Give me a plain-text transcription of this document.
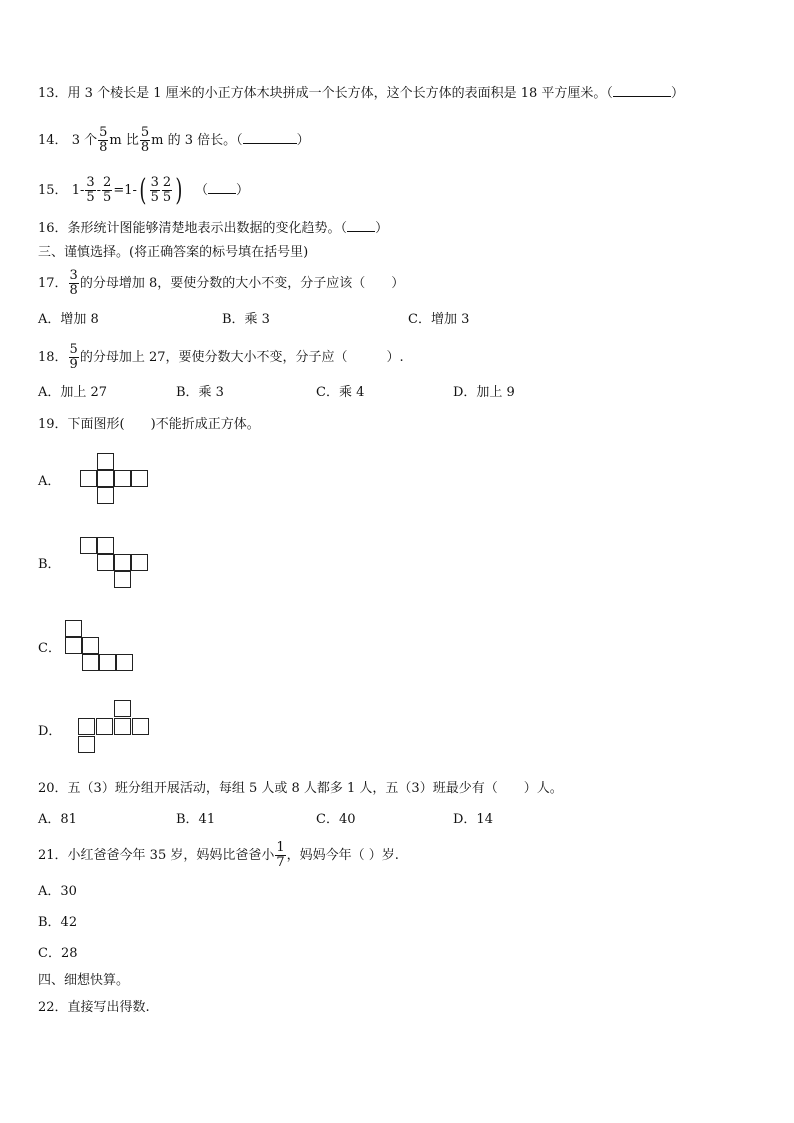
13．用 3 个棱长是 1 厘米的小正方体木块拼成一个长方体，这个长方体的表面积是 18 平方厘米。（	）
14． 3 个 $\frac{5}{8}$ m 比 $\frac{5}{8}$ m 的 3 倍长。（	）
15． $1- \frac{3}{5} - \frac{2}{5} =1-( \frac{3}{5} \frac{2}{5}$ ) （ ）
16．条形统计图能够清楚地表示出数据的变化趋势。（ ）
三、谨慎选择。(将正确答案的标号填在括号里)
17． $\frac{3}{8}$ 的分母增加 8，要使分数的大小不变，分子应该（　　）
A．增加 8	B．乘 3	C．增加 3
18． $\frac{5}{9}$ 的分母加上 27，要使分数大小不变，分子应（　　　）.
A．加上 27	B．乘 3	C．乘 4	D．加上 9
19．下面图形(　　)不能折成正方体。
A．
B．
C．
D．
20．五（3）班分组开展活动，每组 5 人或 8 人都多 1 人，五（3）班最少有（　　）人。
A．81	B．41	C．40	D．14
21．小红爸爸今年 35 岁，妈妈比爸爸小 $\frac{1}{7}$ ，妈妈今年（ ）岁.
A．30
B．42
C．28
四、细想快算。
22．直接写出得数.
